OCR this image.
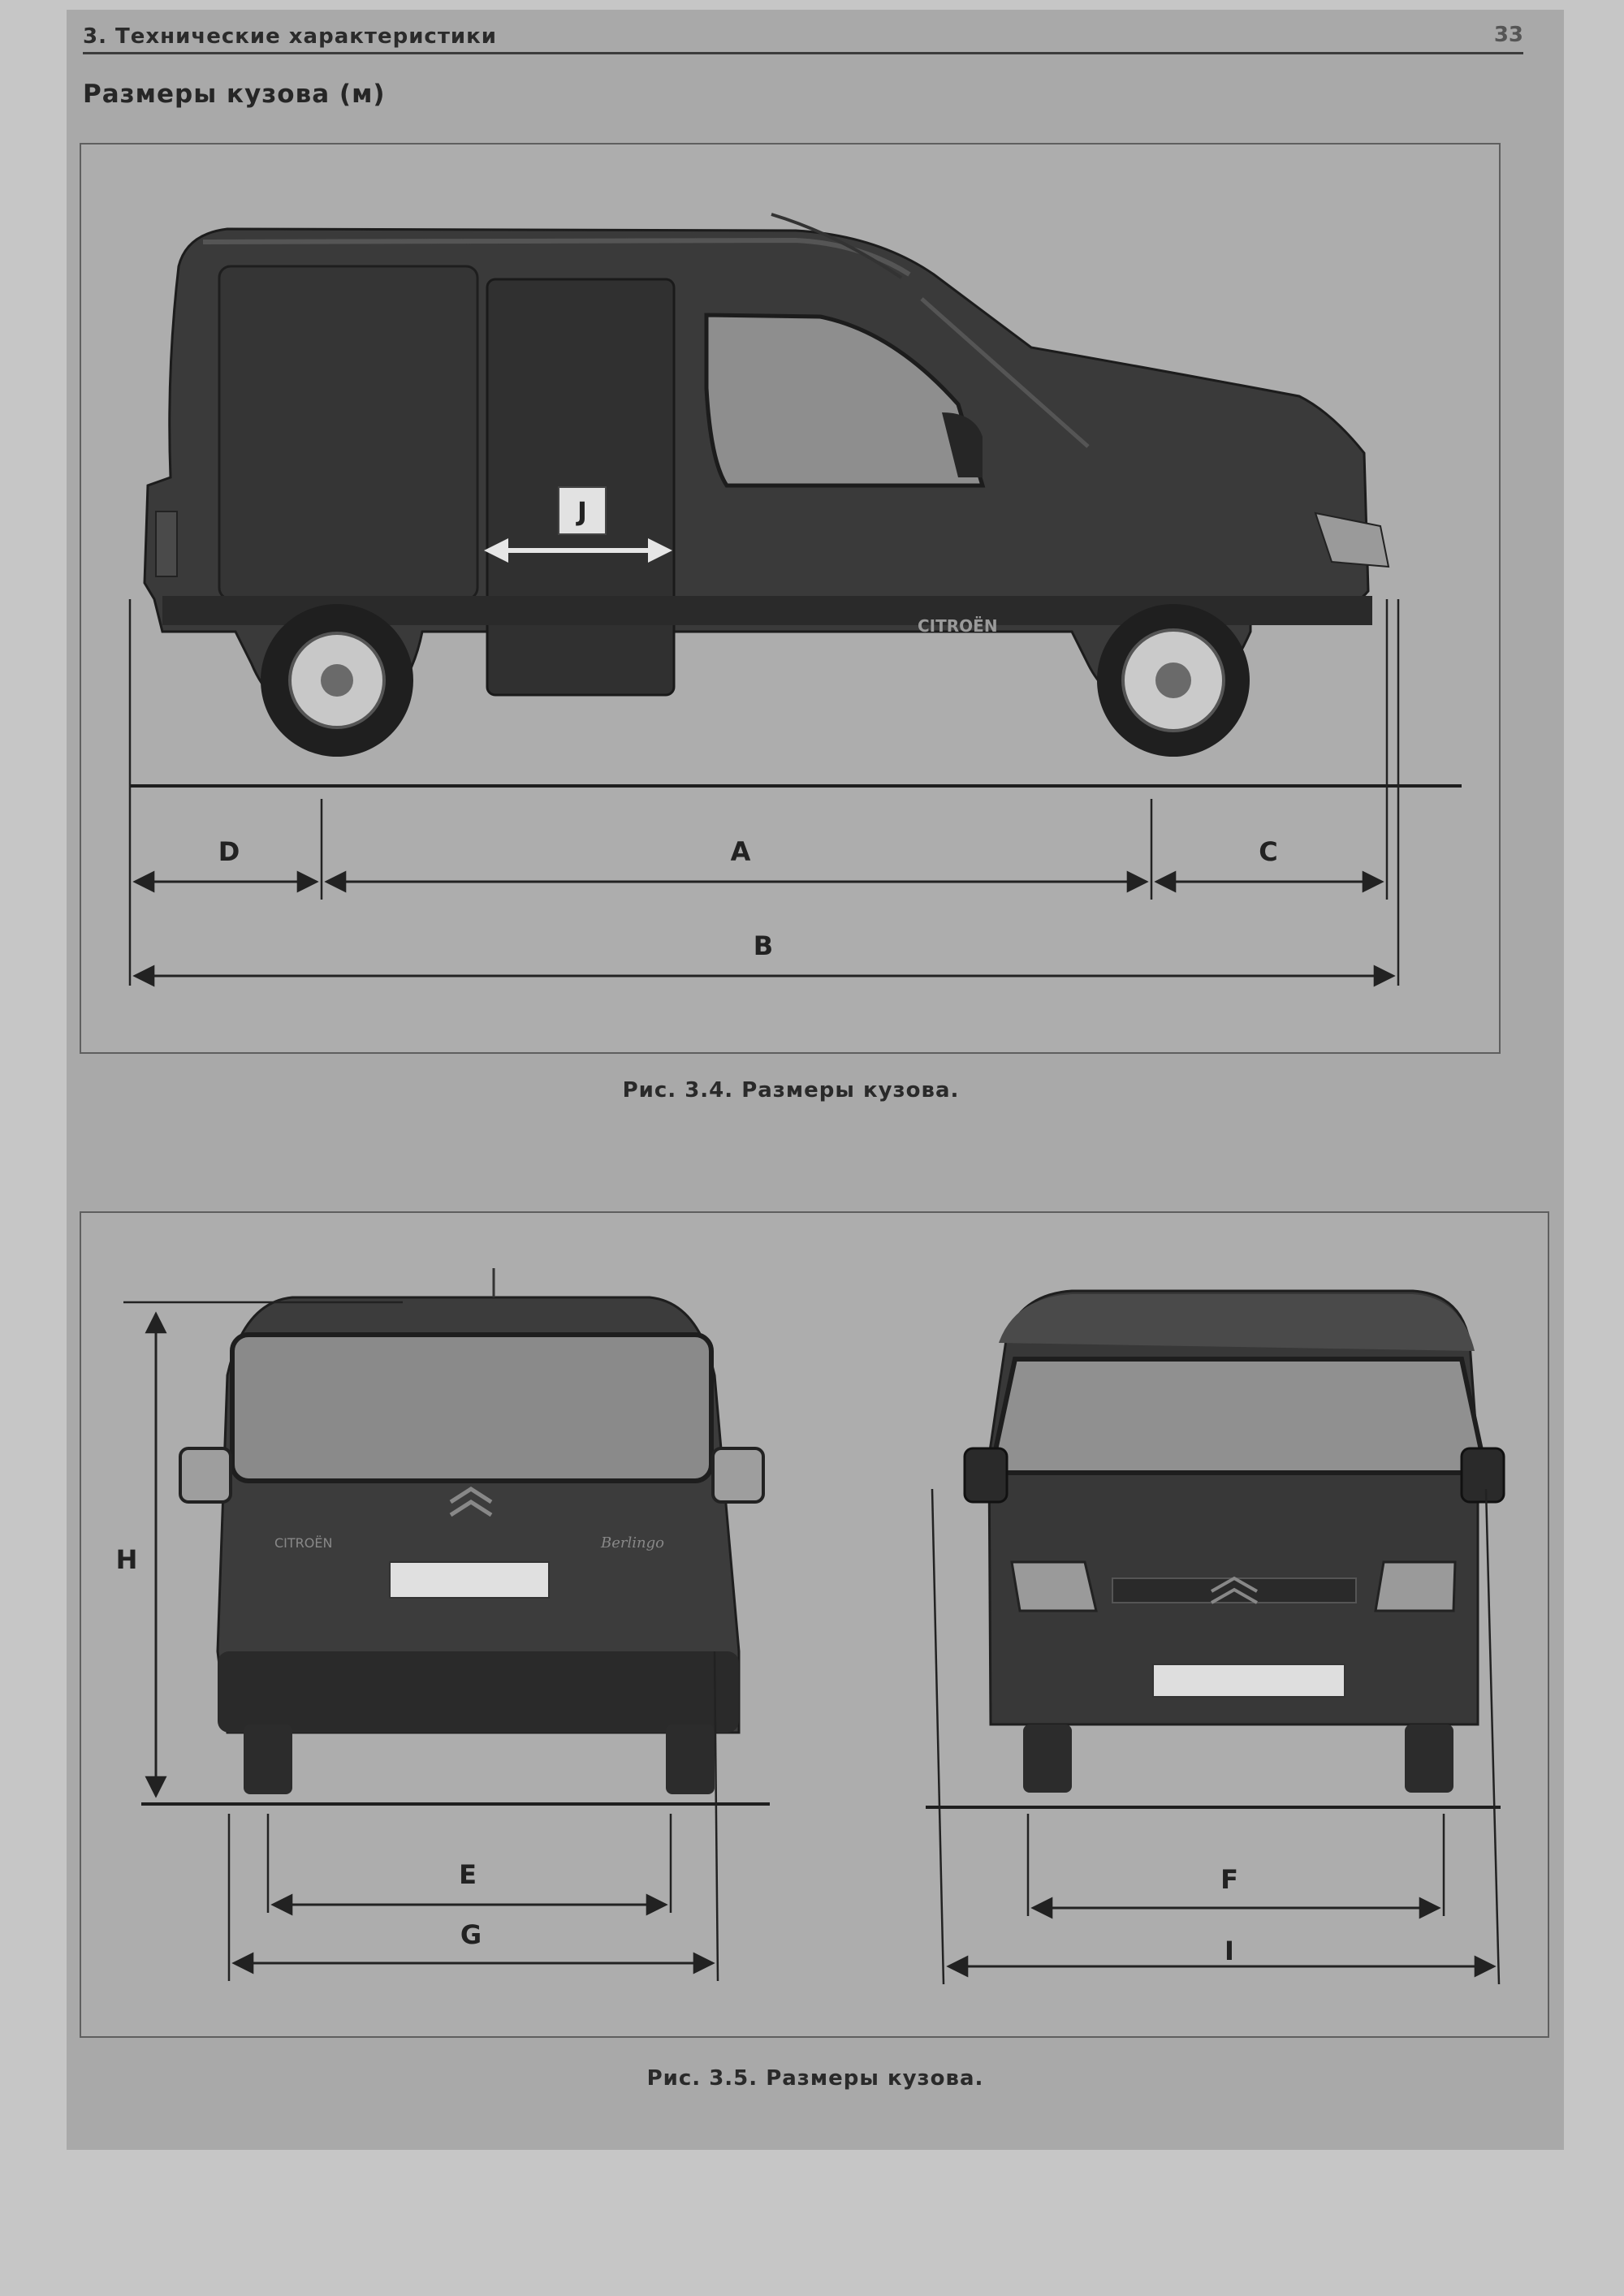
3. Технические характеристики	33
Размеры кузова (м)
CITROËN
J
D	A	C
B
Рис. 3.4. Размеры кузова.
CITROËN	Berlingo
H
E
G
F
I
Рис. 3.5. Размеры кузова.
